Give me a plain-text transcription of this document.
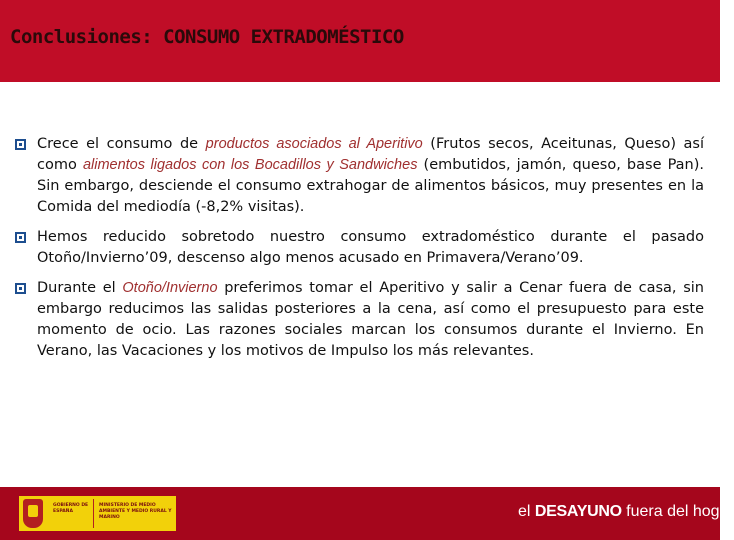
Conclusiones: CONSUMO EXTRADOMÉSTICO
Crece el consumo de productos asociados al Aperitivo (Frutos secos, Aceitunas, Queso) así como alimentos ligados con los Bocadillos y Sandwiches (embutidos, jamón, queso, base Pan). Sin embargo, desciende el consumo extrahogar de alimentos básicos, muy presentes en la Comida del mediodía (-8,2% visitas).
Hemos reducido sobretodo nuestro consumo extradoméstico durante el pasado Otoño/Invierno’09, descenso algo menos acusado en Primavera/Verano’09.
Durante el Otoño/Invierno preferimos tomar el Aperitivo y salir a Cenar fuera de casa, sin embargo reducimos las salidas posteriores a la cena, así como el presupuesto para este momento de ocio. Las razones sociales marcan los consumos durante el Invierno. En Verano, las Vacaciones y los motivos de Impulso los más relevantes.
GOBIERNO DE ESPAÑA
MINISTERIO DE MEDIO AMBIENTE Y MEDIO RURAL Y MARINO	el DESAYUNO fuera del hogar
